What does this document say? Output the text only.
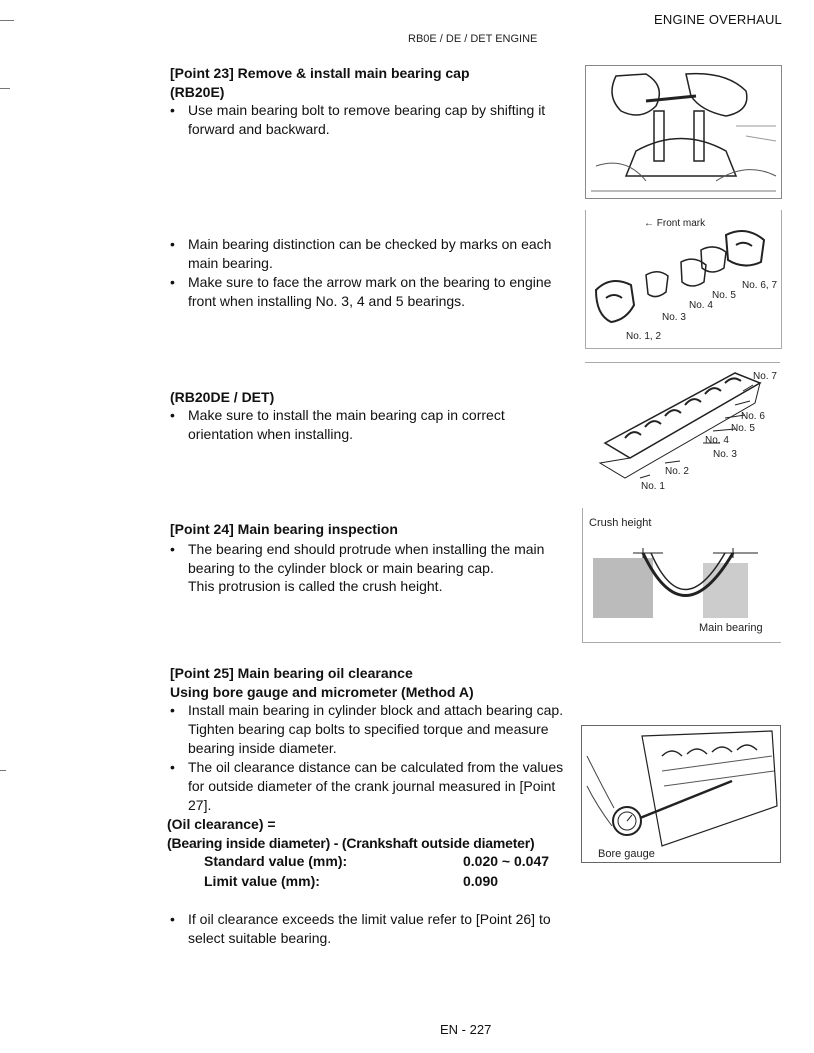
ENGINE OVERHAUL
RB0E / DE / DET ENGINE
[Point 23] Remove & install main bearing cap
(RB20E)
• Use main bearing bolt to remove bearing cap by shifting it forward and backward.
• Main bearing distinction can be checked by marks on each main bearing.
• Make sure to face the arrow mark on the bearing to engine front when installing No. 3, 4 and 5 bearings.
(RB20DE / DET)
• Make sure to install the main bearing cap in correct orientation when installing.
[Point 24] Main bearing inspection
• The bearing end should protrude when installing the main bearing to the cylinder block or main bearing cap.
This protrusion is called the crush height.
[Point 25] Main bearing oil clearance
Using bore gauge and micrometer (Method A)
• Install main bearing in cylinder block and attach bearing cap. Tighten bearing cap bolts to specified torque and measure bearing inside diameter.
• The oil clearance distance can be calculated from the values for outside diameter of the crank journal measured in [Point 27].
(Oil clearance) =
(Bearing inside diameter) - (Crankshaft outside diameter)
Standard value (mm):	0.020 ~ 0.047
Limit value (mm):	0.090
• If oil clearance exceeds the limit value refer to [Point 26] to select suitable bearing.
← Front mark
No. 6, 7
No. 5
No. 4
No. 3
No. 1, 2
No. 7
No. 6
No. 5
No. 4
No. 3
No. 2
No. 1
Crush height
Main bearing
Bore gauge
EN - 227
